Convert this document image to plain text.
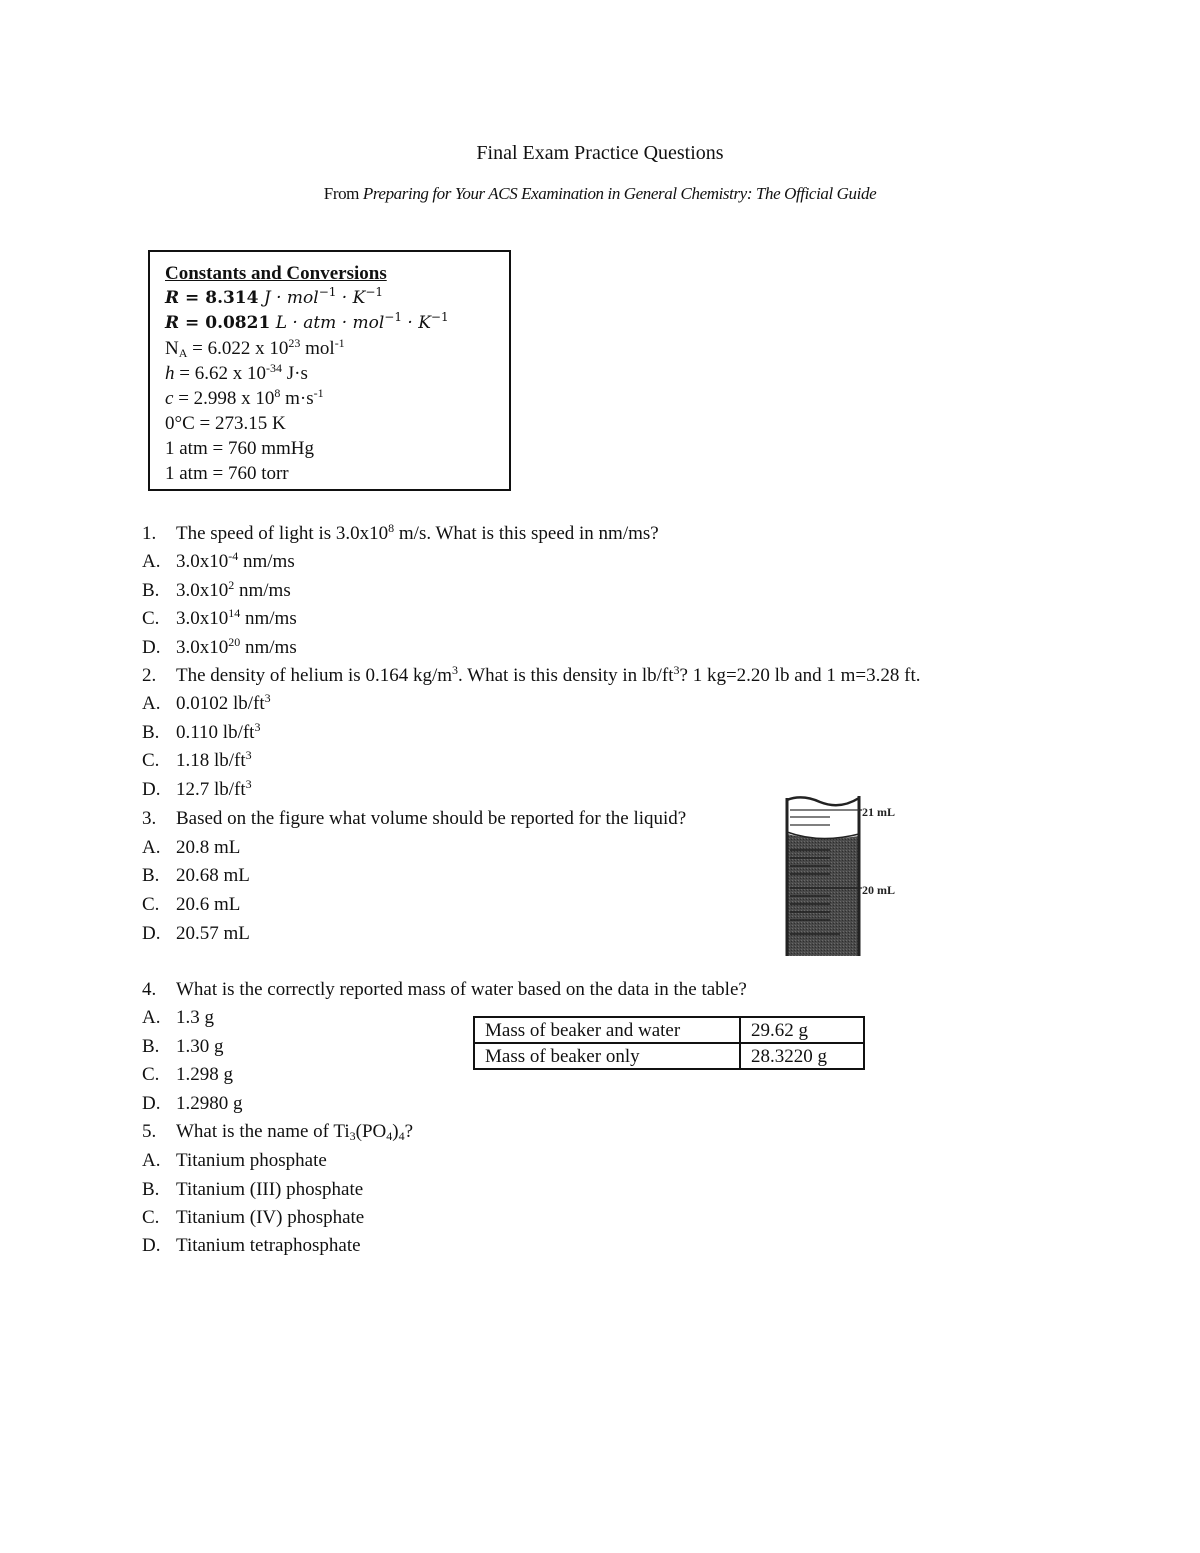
Final Exam Practice Questions
From Preparing for Your ACS Examination in General Chemistry: The Official Guide
Constants and Conversions
R = 8.314 $J \cdot mol^{-1} \cdot K^{-1}$
R = 0.0821 L · atm · $mol^{-1} \cdot K^{-1}$
$N_A = 6.022$ x $10^{23}$ mol$^{-1}$
h = 6.62 x $10^{-34}$ J·s
c = 2.998 x $10^8$ $m\cdot s^{-1}$
0°C = 273.15 K
1 atm = 760 mmHg
1 atm = 760 torr
1. The speed of light is $3.0x10^8$ m/s. What is this speed in nm/ms?
A. $3.0x10^{-4}$ nm/ms
B. $3.0x10^2$ nm/ms
C. $3.0x10^{14}$ nm/ms
D. $3.0x10^{20}$ nm/ms
2. The density of helium is 0.164 $kg/m^3$. What is this density in $lb/ft^3$? 1 kg=2.20 lb and 1 m=3.28 ft.
A. 0.0102 $lb/ft^3$
B. 0.110 $lb/ft^3$
C. 1.18 $lb/ft^3$
D. 12.7 $lb/ft^3$
3. Based on the figure what volume should be reported for the liquid?
A. 20.8 mL
B. 20.68 mL
C. 20.6 mL
D. 20.57 mL
21 mL
20 mL
4. What is the correctly reported mass of water based on the data in the table?
A. 1.3 g
B. 1.30 g
C. 1.298 g
D. 1.2980 g
Mass of beaker and water	29.62 g
Mass of beaker only	28.3220 g
5. What is the name of $Ti_3(PO_4)_4$?
A. Titanium phosphate
B. Titanium (III) phosphate
C. Titanium (IV) phosphate
D. Titanium tetraphosphate
